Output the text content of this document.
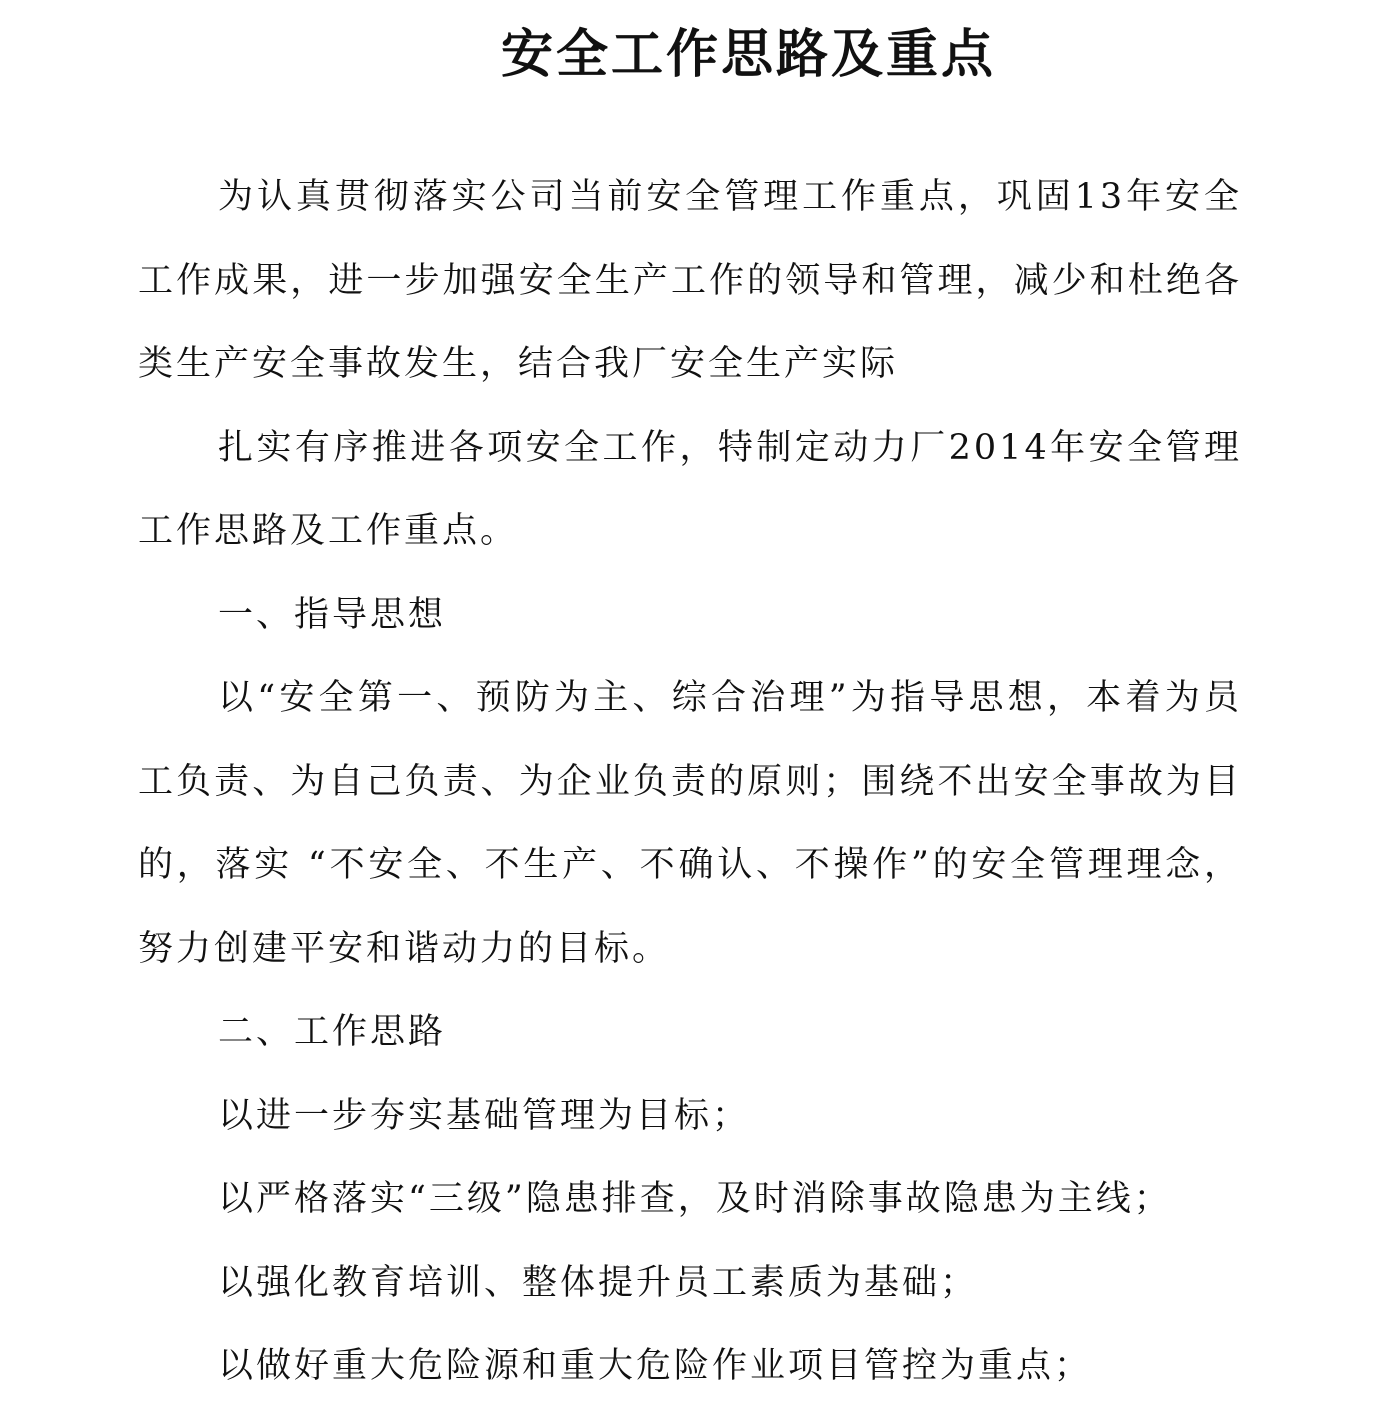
安全工作思路及重点

为认真贯彻落实公司当前安全管理工作重点，巩固13年安全工作成果，进一步加强安全生产工作的领导和管理，减少和杜绝各类生产安全事故发生，结合我厂安全生产实际

扎实有序推进各项安全工作，特制定动力厂2014年安全管理工作思路及工作重点。

一、指导思想

以“安全第一、预防为主、综合治理”为指导思想，本着为员工负责、为自己负责、为企业负责的原则；围绕不出安全事故为目的，落实 “不安全、不生产、不确认、不操作”的安全管理理念，努力创建平安和谐动力的目标。

二、工作思路

以进一步夯实基础管理为目标；

以严格落实“三级”隐患排查，及时消除事故隐患为主线；

以强化教育培训、整体提升员工素质为基础；

以做好重大危险源和重大危险作业项目管控为重点；
